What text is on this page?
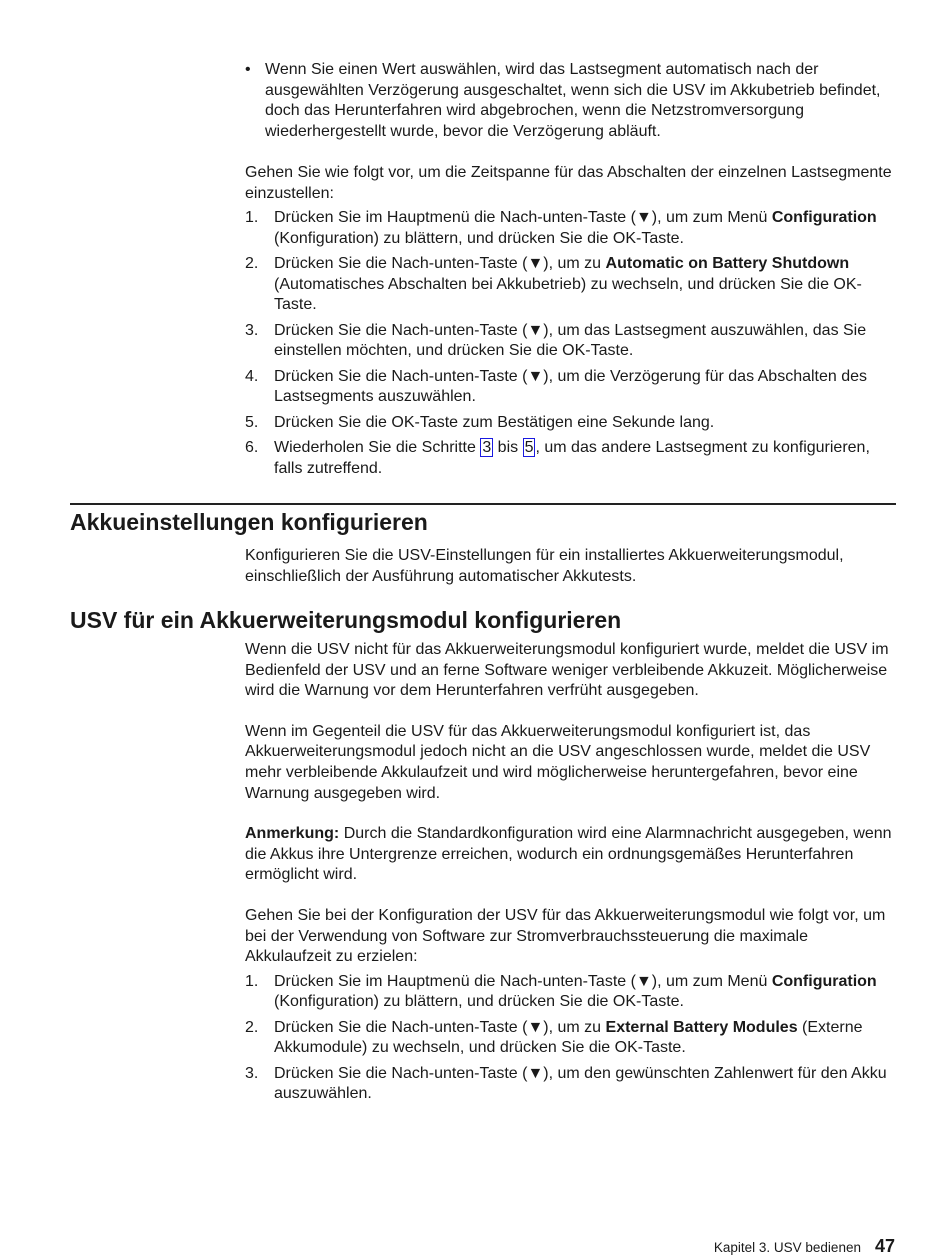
• Wenn Sie einen Wert auswählen, wird das Lastsegment automatisch nach der ausgewählten Verzögerung ausgeschaltet, wenn sich die USV im Akkubetrieb befindet, doch das Herunterfahren wird abgebrochen, wenn die Netzstromversorgung wiederhergestellt wurde, bevor die Verzögerung abläuft.

Gehen Sie wie folgt vor, um die Zeitspanne für das Abschalten der einzelnen Lastsegmente einzustellen:

1. Drücken Sie im Hauptmenü die Nach-unten-Taste (▼), um zum Menü Configuration (Konfiguration) zu blättern, und drücken Sie die OK-Taste.
2. Drücken Sie die Nach-unten-Taste (▼), um zu Automatic on Battery Shutdown (Automatisches Abschalten bei Akkubetrieb) zu wechseln, und drücken Sie die OK-Taste.
3. Drücken Sie die Nach-unten-Taste (▼), um das Lastsegment auszuwählen, das Sie einstellen möchten, und drücken Sie die OK-Taste.
4. Drücken Sie die Nach-unten-Taste (▼), um die Verzögerung für das Abschalten des Lastsegments auszuwählen.
5. Drücken Sie die OK-Taste zum Bestätigen eine Sekunde lang.
6. Wiederholen Sie die Schritte 3 bis 5 , um das andere Lastsegment zu konfigurieren, falls zutreffend.
Akkueinstellungen konfigurieren

Konfigurieren Sie die USV-Einstellungen für ein installiertes Akkuerweiterungsmodul, einschließlich der Ausführung automatischer Akkutests.

USV für ein Akkuerweiterungsmodul konfigurieren

Wenn die USV nicht für das Akkuerweiterungsmodul konfiguriert wurde, meldet die USV im Bedienfeld der USV und an ferne Software weniger verbleibende Akkuzeit. Möglicherweise wird die Warnung vor dem Herunterfahren verfrüht ausgegeben.

Wenn im Gegenteil die USV für das Akkuerweiterungsmodul konfiguriert ist, das Akkuerweiterungsmodul jedoch nicht an die USV angeschlossen wurde, meldet die USV mehr verbleibende Akkulaufzeit und wird möglicherweise heruntergefahren, bevor eine Warnung ausgegeben wird.

Anmerkung: Durch die Standardkonfiguration wird eine Alarmnachricht ausgegeben, wenn die Akkus ihre Untergrenze erreichen, wodurch ein ordnungsgemäßes Herunterfahren ermöglicht wird.

Gehen Sie bei der Konfiguration der USV für das Akkuerweiterungsmodul wie folgt vor, um bei der Verwendung von Software zur Stromverbrauchssteuerung die maximale Akkulaufzeit zu erzielen:

1. Drücken Sie im Hauptmenü die Nach-unten-Taste (▼), um zum Menü Configuration (Konfiguration) zu blättern, und drücken Sie die OK-Taste.
2. Drücken Sie die Nach-unten-Taste (▼), um zu External Battery Modules (Externe Akkumodule) zu wechseln, und drücken Sie die OK-Taste.
3. Drücken Sie die Nach-unten-Taste (▼), um den gewünschten Zahlenwert für den Akku auszuwählen.
Kapitel 3. USV bedienen 47
